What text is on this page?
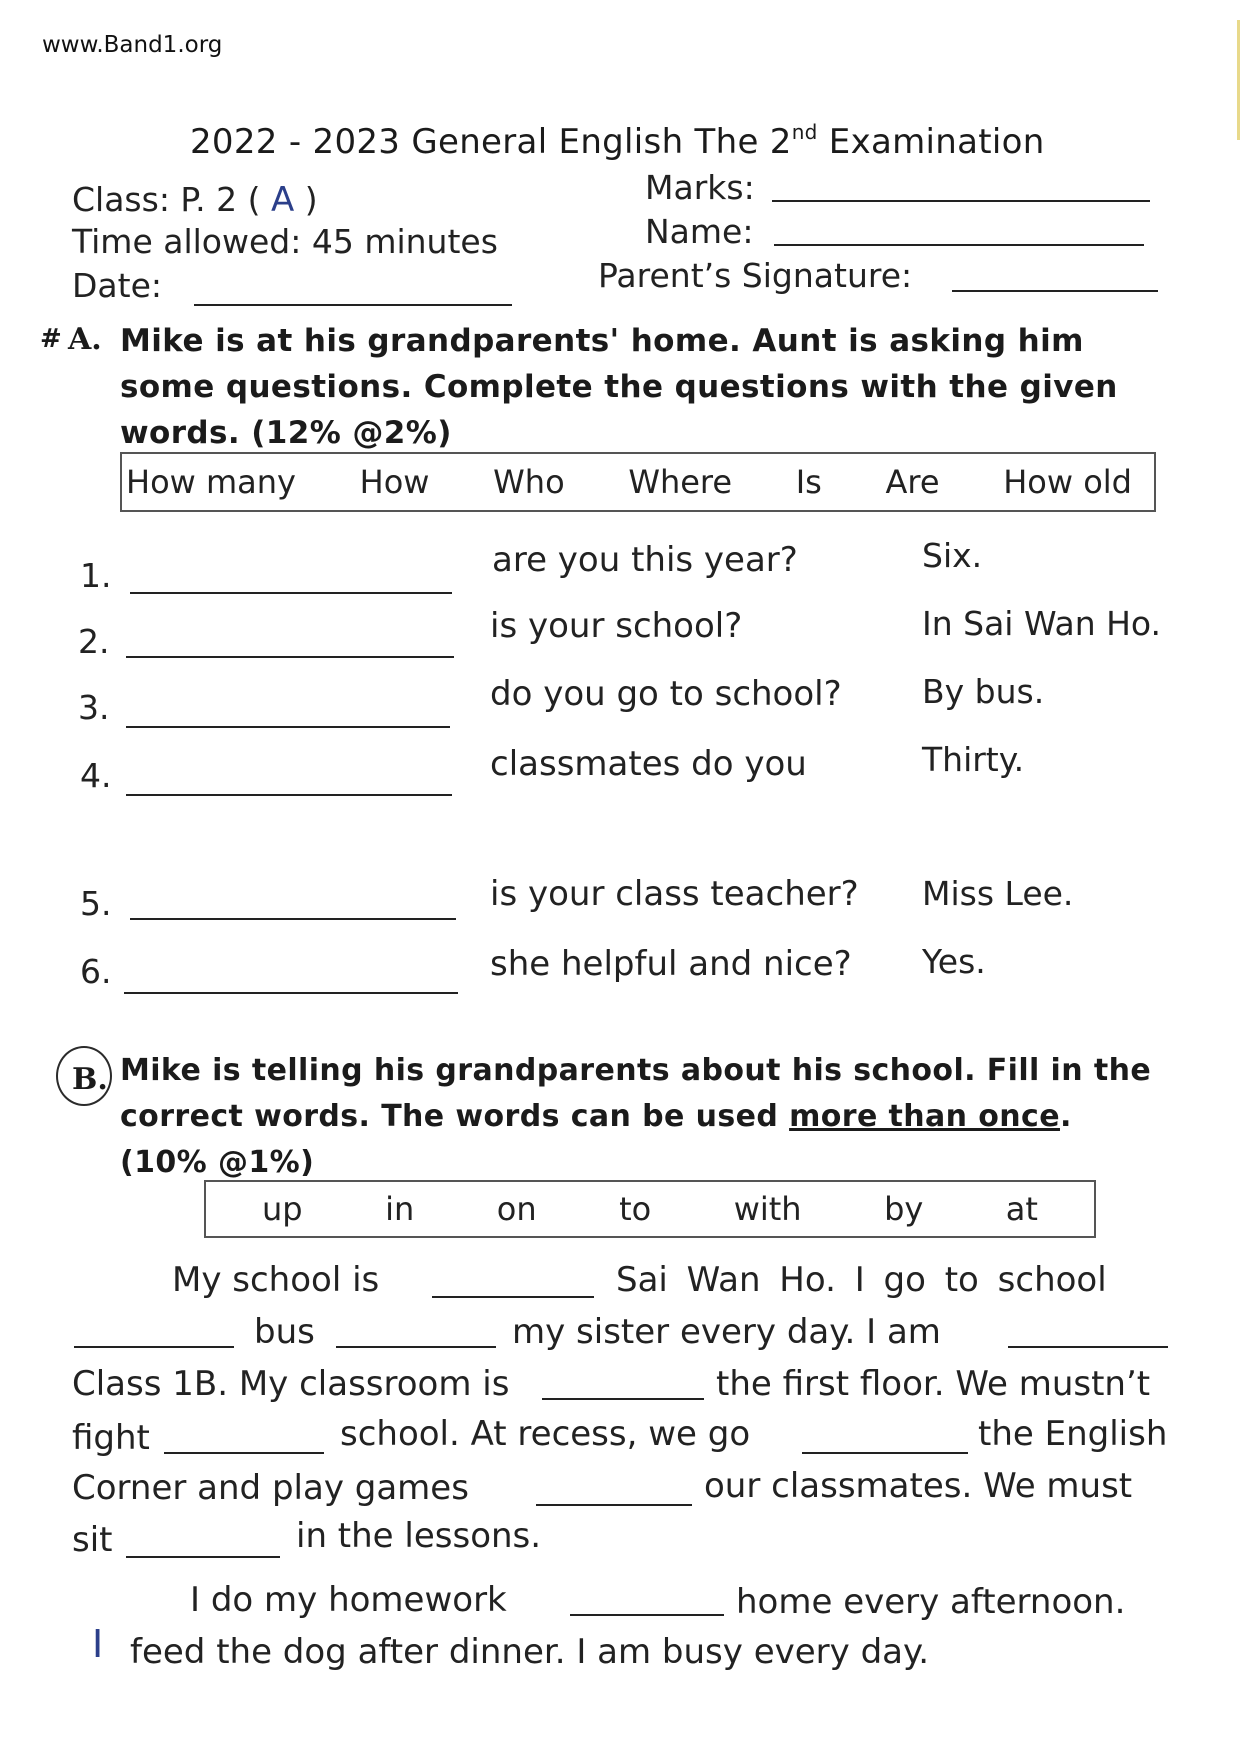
www.Band1.org
2022 - 2023 General English The 2nd Examination
Class: P. 2 ( A )
Time allowed: 45 minutes
Date:
Marks:
Name:
Parent’s Signature:
# A. Mike is at his grandparents' home. Aunt is asking him
some questions. Complete the questions with the given
words. (12% @2%)
How many How Who Where Is Are How old
1.	are you this year?	Six.
2.	is your school?	In Sai Wan Ho.
3.	do you go to school? By bus.
4.	classmates do you	Thirty.
5.	is your class teacher? Miss Lee.
6.	she helpful and nice? Yes.
B. Mike is telling his grandparents about his school. Fill in the
correct words. The words can be used more than once.
(10% @1%)
up	in	on	to	with	by	at
My school is	Sai Wan Ho. I go to school
bus	my sister every day. I am
Class 1B. My classroom is	the first floor. We mustn’t
fight	school. At recess, we go	the English
Corner and play games	our classmates. We must
sit	in the lessons.
I do my homework	home every afternoon.
I feed the dog after dinner. I am busy every day.
